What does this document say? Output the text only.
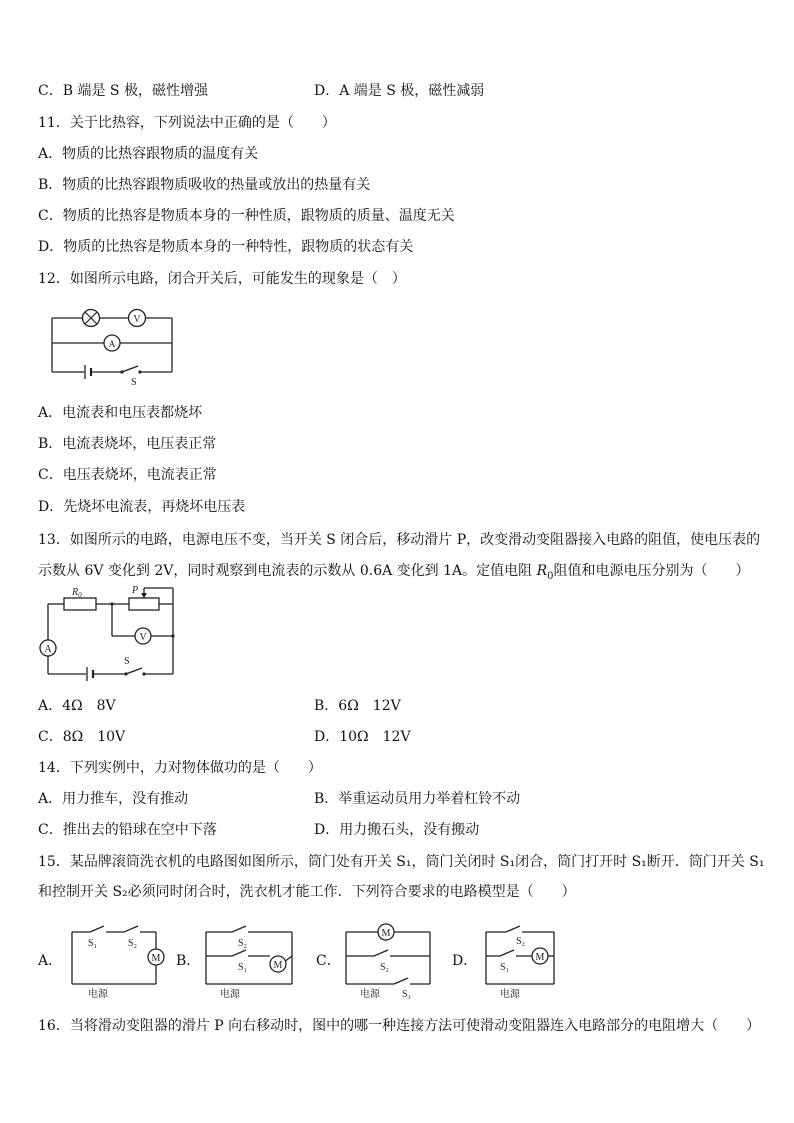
C．B 端是 S 极，磁性增强	D．A 端是 S 极，磁性减弱
11．关于比热容，下列说法中正确的是（　　）
A．物质的比热容跟物质的温度有关
B．物质的比热容跟物质吸收的热量或放出的热量有关
C．物质的比热容是物质本身的一种性质，跟物质的质量、温度无关
D．物质的比热容是物质本身的一种特性，跟物质的状态有关
12．如图所示电路，闭合开关后，可能发生的现象是（　）
V
A
S
A．电流表和电压表都烧坏
B．电流表烧坏，电压表正常
C．电压表烧坏，电流表正常
D．先烧坏电流表，再烧坏电压表
13．如图所示的电路，电源电压不变，当开关 S 闭合后，移动滑片 P，改变滑动变阻器接入电路的阻值，使电压表的
示数从 6V 变化到 2V，同时观察到电流表的示数从 0.6A 变化到 1A。定值电阻 $R_0$阻值和电源电压分别为（　　）
$R_0$	P
V
A
S
A．4Ω　8V	B．6Ω　12V
C．8Ω　10V	D．10Ω　12V
14．下列实例中，力对物体做功的是（　　）
A．用力推车，没有推动	B．举重运动员用力举着杠铃不动
C．推出去的铅球在空中下落	D．用力搬石头，没有搬动
15．某品牌滚筒洗衣机的电路图如图所示，筒门处有开关 S₁，筒门关闭时 S₁闭合，筒门打开时 S₁断开．筒门开关 S₁
和控制开关 S₂必须同时闭合时，洗衣机才能工作．下列符合要求的电路模型是（　　）
A．	M
S₁	S₂
电源
B．	M
S₂
S₁
电源
C．
M
S₂
电源 S₁
D．	M
S₂
S₁
电源
16．当将滑动变阻器的滑片 P 向右移动时，图中的哪一种连接方法可使滑动变阻器连入电路部分的电阻增大（　　）
